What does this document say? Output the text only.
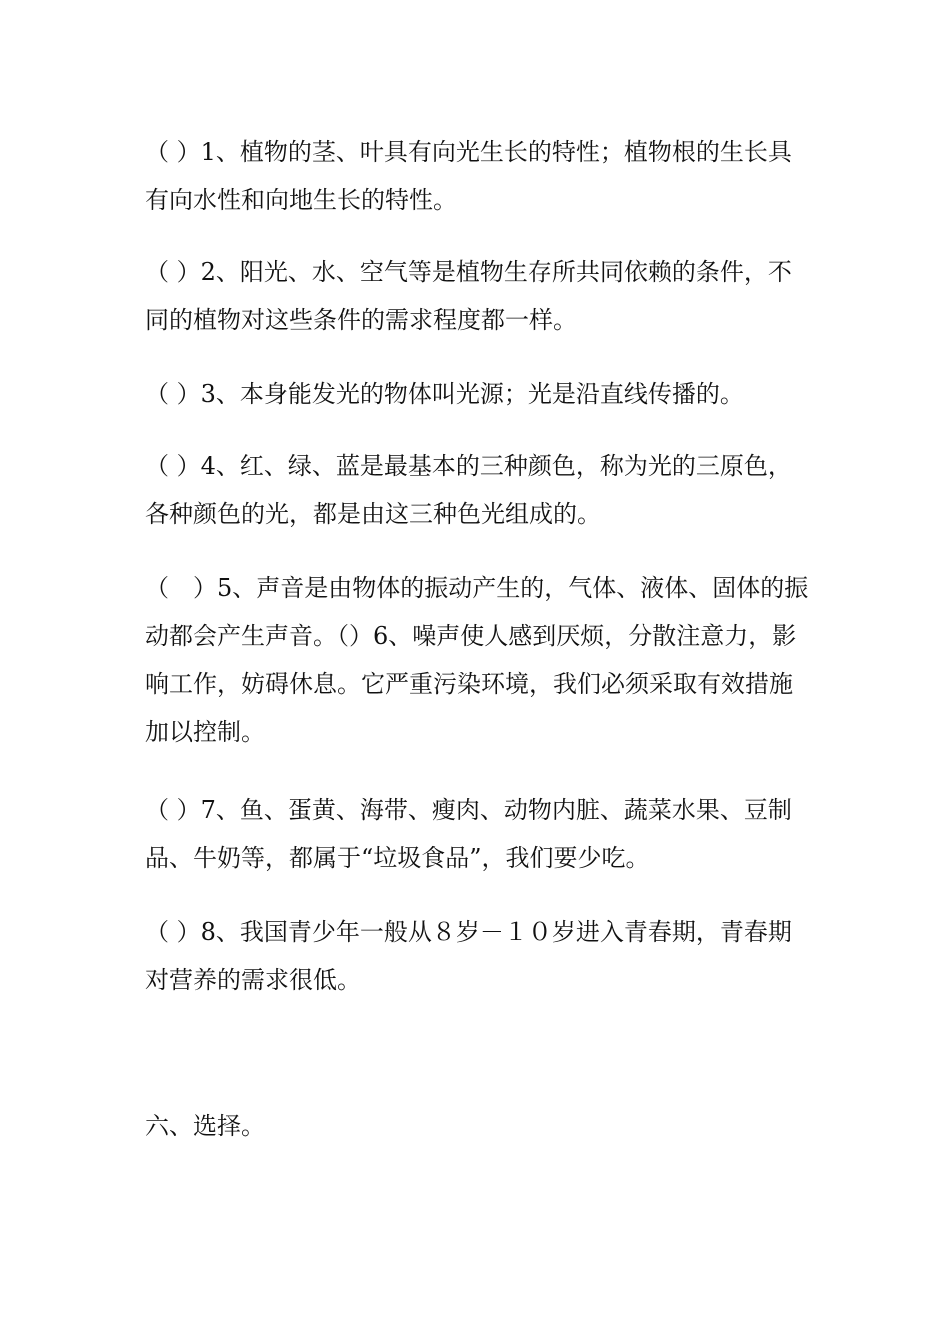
（ ）1、植物的茎、叶具有向光生长的特性；植物根的生长具有向水性和向地生长的特性。
（ ）2、阳光、水、空气等是植物生存所共同依赖的条件，不同的植物对这些条件的需求程度都一样。
（ ）3、本身能发光的物体叫光源；光是沿直线传播的。
（ ）4、红、绿、蓝是最基本的三种颜色，称为光的三原色，各种颜色的光，都是由这三种色光组成的。
（　）5、声音是由物体的振动产生的，气体、液体、固体的振动都会产生声音。（）6、噪声使人感到厌烦，分散注意力，影响工作，妨碍休息。它严重污染环境，我们必须采取有效措施加以控制。
（ ）7、鱼、蛋黄、海带、瘦肉、动物内脏、蔬菜水果、豆制品、牛奶等，都属于“垃圾食品”，我们要少吃。
（ ）8、我国青少年一般从８岁－１０岁进入青春期，青春期对营养的需求很低。
六、选择。
